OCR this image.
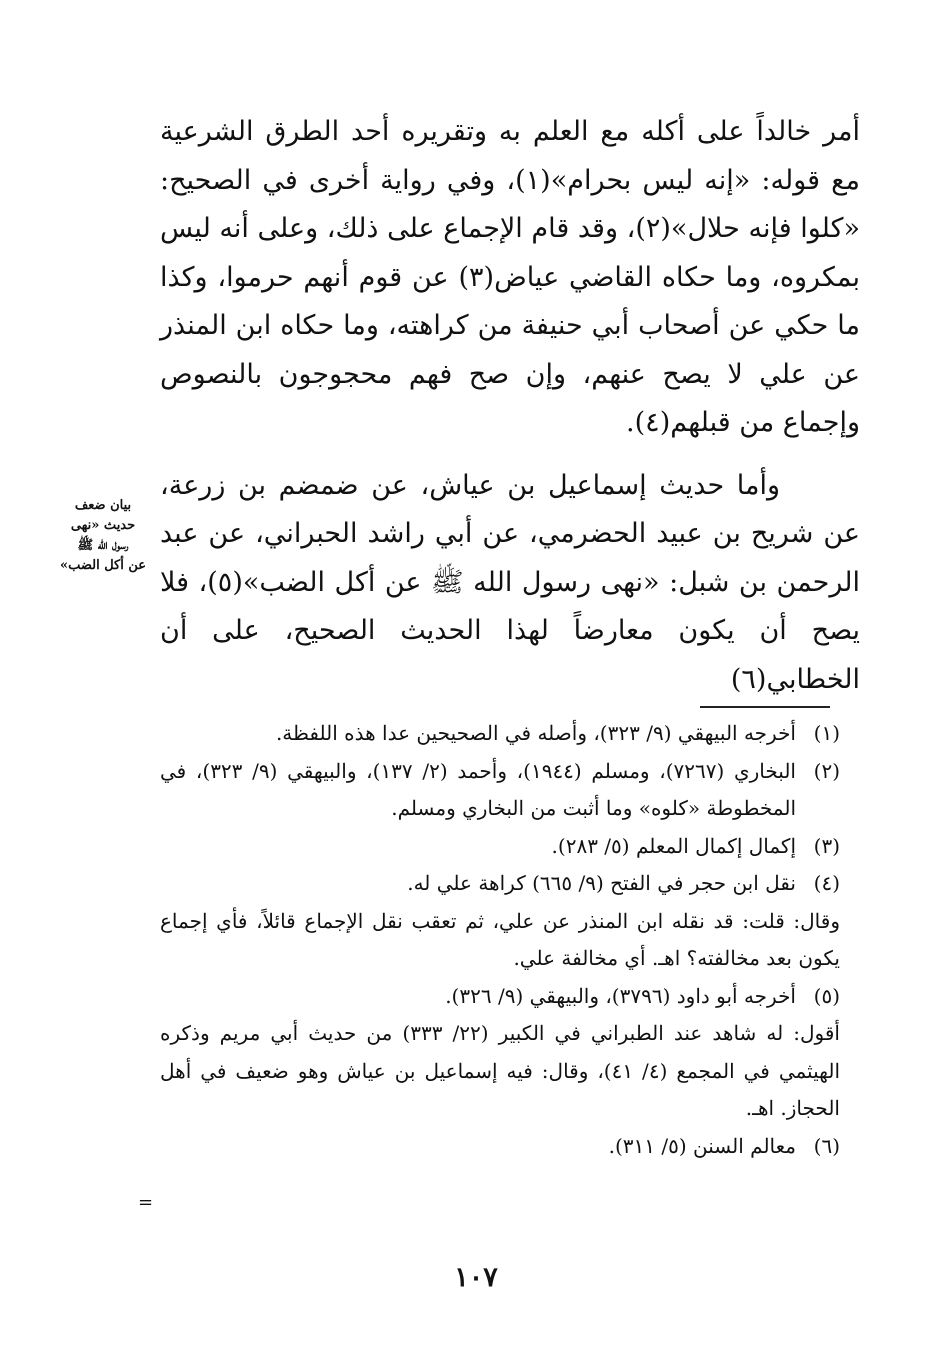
أمر خالداً على أكله مع العلم به وتقريره أحد الطرق الشرعية مع قوله: «إنه ليس بحرام»(١)، وفي رواية أخرى في الصحيح: «كلوا فإنه حلال»(٢)، وقد قام الإجماع على ذلك، وعلى أنه ليس بمكروه، وما حكاه القاضي عياض(٣) عن قوم أنهم حرموا، وكذا ما حكي عن أصحاب أبي حنيفة من كراهته، وما حكاه ابن المنذر عن علي لا يصح عنهم، وإن صح فهم محجوجون بالنصوص وإجماع من قبلهم(٤).

وأما حديث إسماعيل بن عياش، عن ضمضم بن زرعة، عن شريح بن عبيد الحضرمي، عن أبي راشد الحبراني، عن عبد الرحمن بن شبل: «نهى رسول الله ﷺ عن أكل الضب»(٥)، فلا يصح أن يكون معارضاً لهذا الحديث الصحيح، على أن الخطابي(٦)

بيان ضعف
حديث «نهى
رسول الله ﷺ
عن أكل الضب»
(١)
أخرجه البيهقي (٩/ ٣٢٣)، وأصله في الصحيحين عدا هذه اللفظة.
(٢)
البخاري (٧٢٦٧)، ومسلم (١٩٤٤)، وأحمد (٢/ ١٣٧)، والبيهقي (٩/ ٣٢٣)، في المخطوطة «كلوه» وما أثبت من البخاري ومسلم.
(٣)
إكمال إكمال المعلم (٥/ ٢٨٣).
(٤)
نقل ابن حجر في الفتح (٩/ ٦٦٥) كراهة علي له.
وقال: قلت: قد نقله ابن المنذر عن علي، ثم تعقب نقل الإجماع قائلاً، فأي إجماع يكون بعد مخالفته؟ اهـ. أي مخالفة علي.
(٥)
أخرجه أبو داود (٣٧٩٦)، والبيهقي (٩/ ٣٢٦).
أقول: له شاهد عند الطبراني في الكبير (٢٢/ ٣٣٣) من حديث أبي مريم وذكره الهيثمي في المجمع (٤/ ٤١)، وقال: فيه إسماعيل بن عياش وهو ضعيف في أهل الحجاز. اهـ.
(٦)
معالم السنن (٥/ ٣١١).
=
١٠٧
